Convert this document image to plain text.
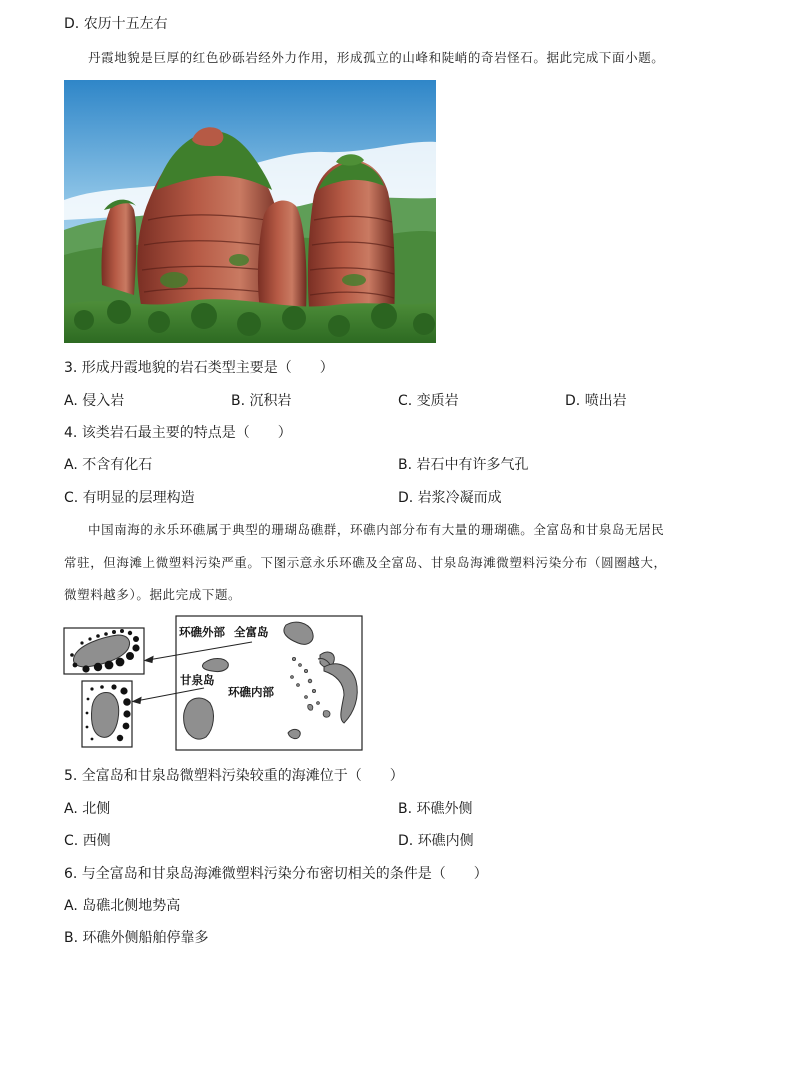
D. 农历十五左右
丹霞地貌是巨厚的红色砂砾岩经外力作用，形成孤立的山峰和陡峭的奇岩怪石。据此完成下面小题。
3. 形成丹霞地貌的岩石类型主要是（　　）
A. 侵入岩	B. 沉积岩	C. 变质岩	D. 喷出岩
4. 该类岩石最主要的特点是（　　）
A. 不含有化石	B. 岩石中有许多气孔
C. 有明显的层理构造	D. 岩浆冷凝而成
中国南海的永乐环礁属于典型的珊瑚岛礁群，环礁内部分布有大量的珊瑚礁。全富岛和甘泉岛无居民
常驻，但海滩上微塑料污染严重。下图示意永乐环礁及全富岛、甘泉岛海滩微塑料污染分布（圆圈越大，
微塑料越多）。据此完成下题。
环礁外部 全富岛
甘泉岛
环礁内部
5. 全富岛和甘泉岛微塑料污染较重的海滩位于（　　）
A. 北侧	B. 环礁外侧
C. 西侧	D. 环礁内侧
6. 与全富岛和甘泉岛海滩微塑料污染分布密切相关的条件是（　　）
A. 岛礁北侧地势高
B. 环礁外侧船舶停靠多
